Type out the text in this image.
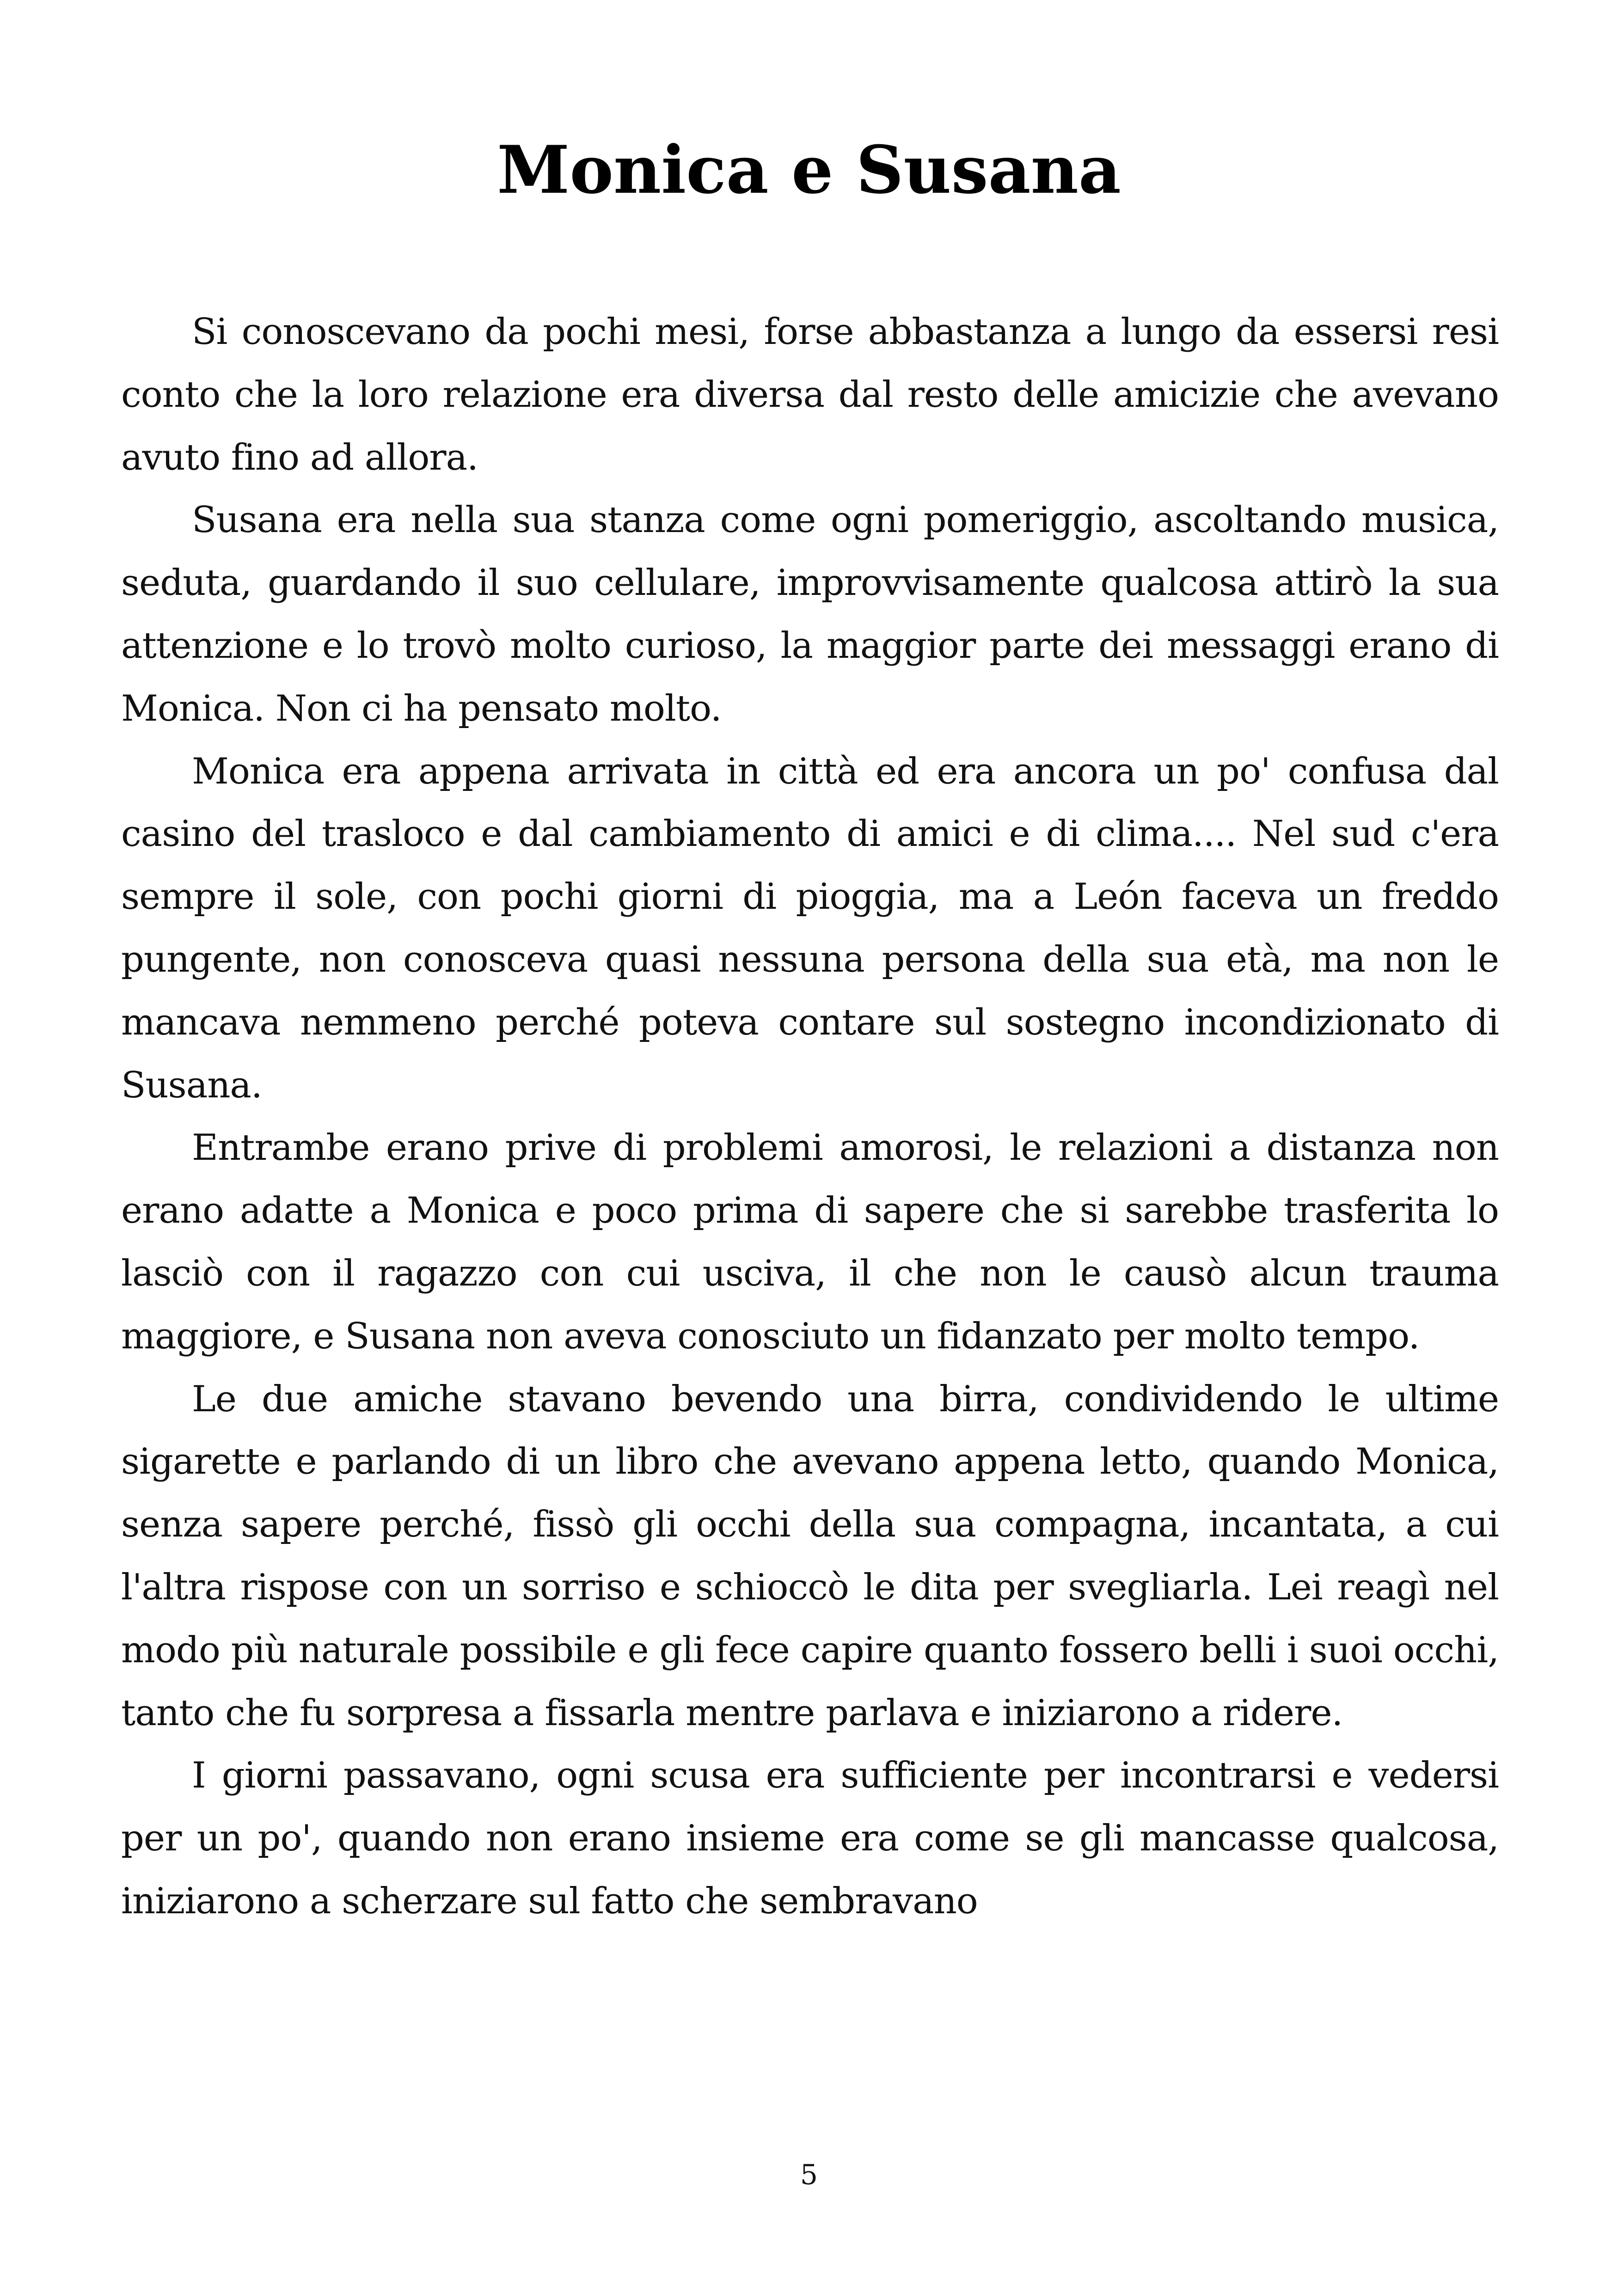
Monica e Susana

Si conoscevano da pochi mesi, forse abbastanza a lungo da essersi resi conto che la loro relazione era diversa dal resto delle amicizie che avevano avuto fino ad allora.

Susana era nella sua stanza come ogni pomeriggio, ascoltando musica, seduta, guardando il suo cellulare, improvvisamente qualcosa attirò la sua attenzione e lo trovò molto curioso, la maggior parte dei messaggi erano di Monica. Non ci ha pensato molto.

Monica era appena arrivata in città ed era ancora un po' confusa dal casino del trasloco e dal cambiamento di amici e di clima.... Nel sud c'era sempre il sole, con pochi giorni di pioggia, ma a León faceva un freddo pungente, non conosceva quasi nessuna persona della sua età, ma non le mancava nemmeno perché poteva contare sul sostegno incondizionato di Susana.

Entrambe erano prive di problemi amorosi, le relazioni a distanza non erano adatte a Monica e poco prima di sapere che si sarebbe trasferita lo lasciò con il ragazzo con cui usciva, il che non le causò alcun trauma maggiore, e Susana non aveva conosciuto un fidanzato per molto tempo.

Le due amiche stavano bevendo una birra, condividendo le ultime sigarette e parlando di un libro che avevano appena letto, quando Monica, senza sapere perché, fissò gli occhi della sua compagna, incantata, a cui l'altra rispose con un sorriso e schioccò le dita per svegliarla. Lei reagì nel modo più naturale possibile e gli fece capire quanto fossero belli i suoi occhi, tanto che fu sorpresa a fissarla mentre parlava e iniziarono a ridere.

I giorni passavano, ogni scusa era sufficiente per incontrarsi e vedersi per un po', quando non erano insieme era come se gli mancasse qualcosa, iniziarono a scherzare sul fatto che sembravano

5
